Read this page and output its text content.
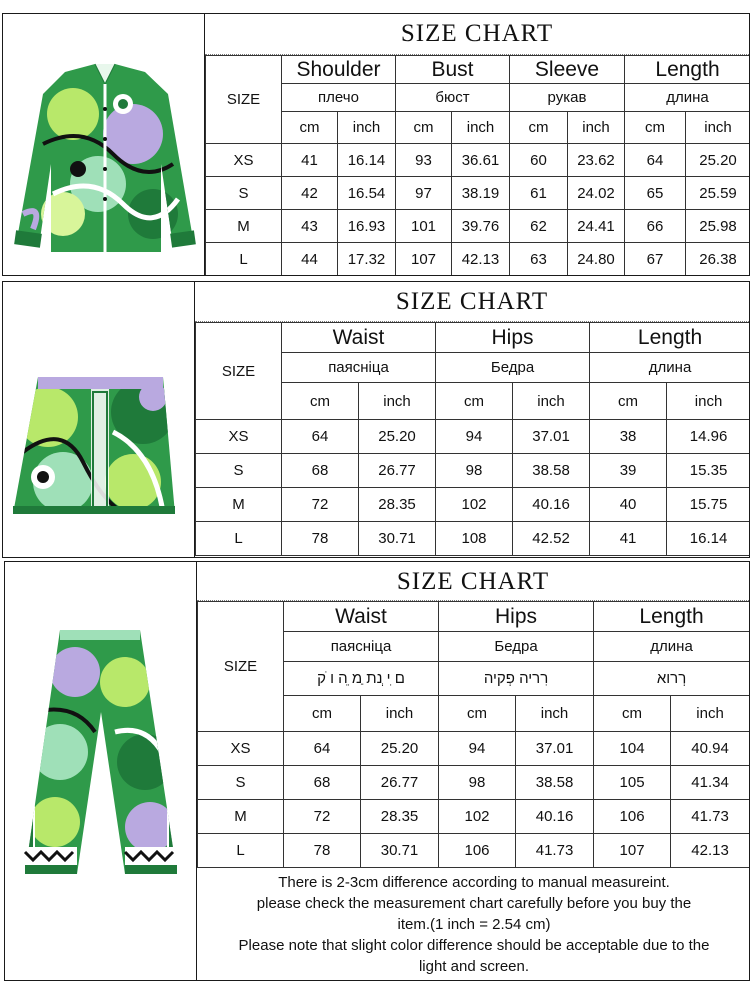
SIZE CHART
SIZE	Shoulder		Bust		Sleeve		Length	
	плечо		бюст		рукав		длина	
	cm	inch	cm	inch	cm	inch	cm	inch
XS	41	16.14	93	36.61	60	23.62	64	25.20
S	42	16.54	97	38.19	61	24.02	65	25.59
M	43	16.93	101	39.76	62	24.41	66	25.98
L	44	17.32	107	42.13	63	24.80	67	26.38
SIZE CHART
SIZE	Waist		Hips		Length	
	паясніца		Бедра		длина	
	cm	inch	cm	inch	cm	inch
XS	64	25.20	94	37.01	38	14.96
S	68	26.77	98	38.58	39	15.35
M	72	28.35	102	40.16	40	15.75
L	78	30.71	108	42.52	41	16.14
SIZE CHART
SIZE	Waist		Hips		Length	
	паясніца		Бедра		длина	
	ם ִי ְנת ַמ ֵה ו ֹק		רִריה פְקיה		רְרוא	
	cm	inch	cm	inch	cm	inch
XS	64	25.20	94	37.01	104	40.94
S	68	26.77	98	38.58	105	41.34
M	72	28.35	102	40.16	106	41.73
L	78	30.71	106	41.73	107	42.13
There is 2-3cm difference according to manual measurei‌‍nt.
please check the measurement chart carefully before you buy the
item.(1 inch = 2.54 cm)
Please note that slight color difference should be acceptable due to the
light and screen.
